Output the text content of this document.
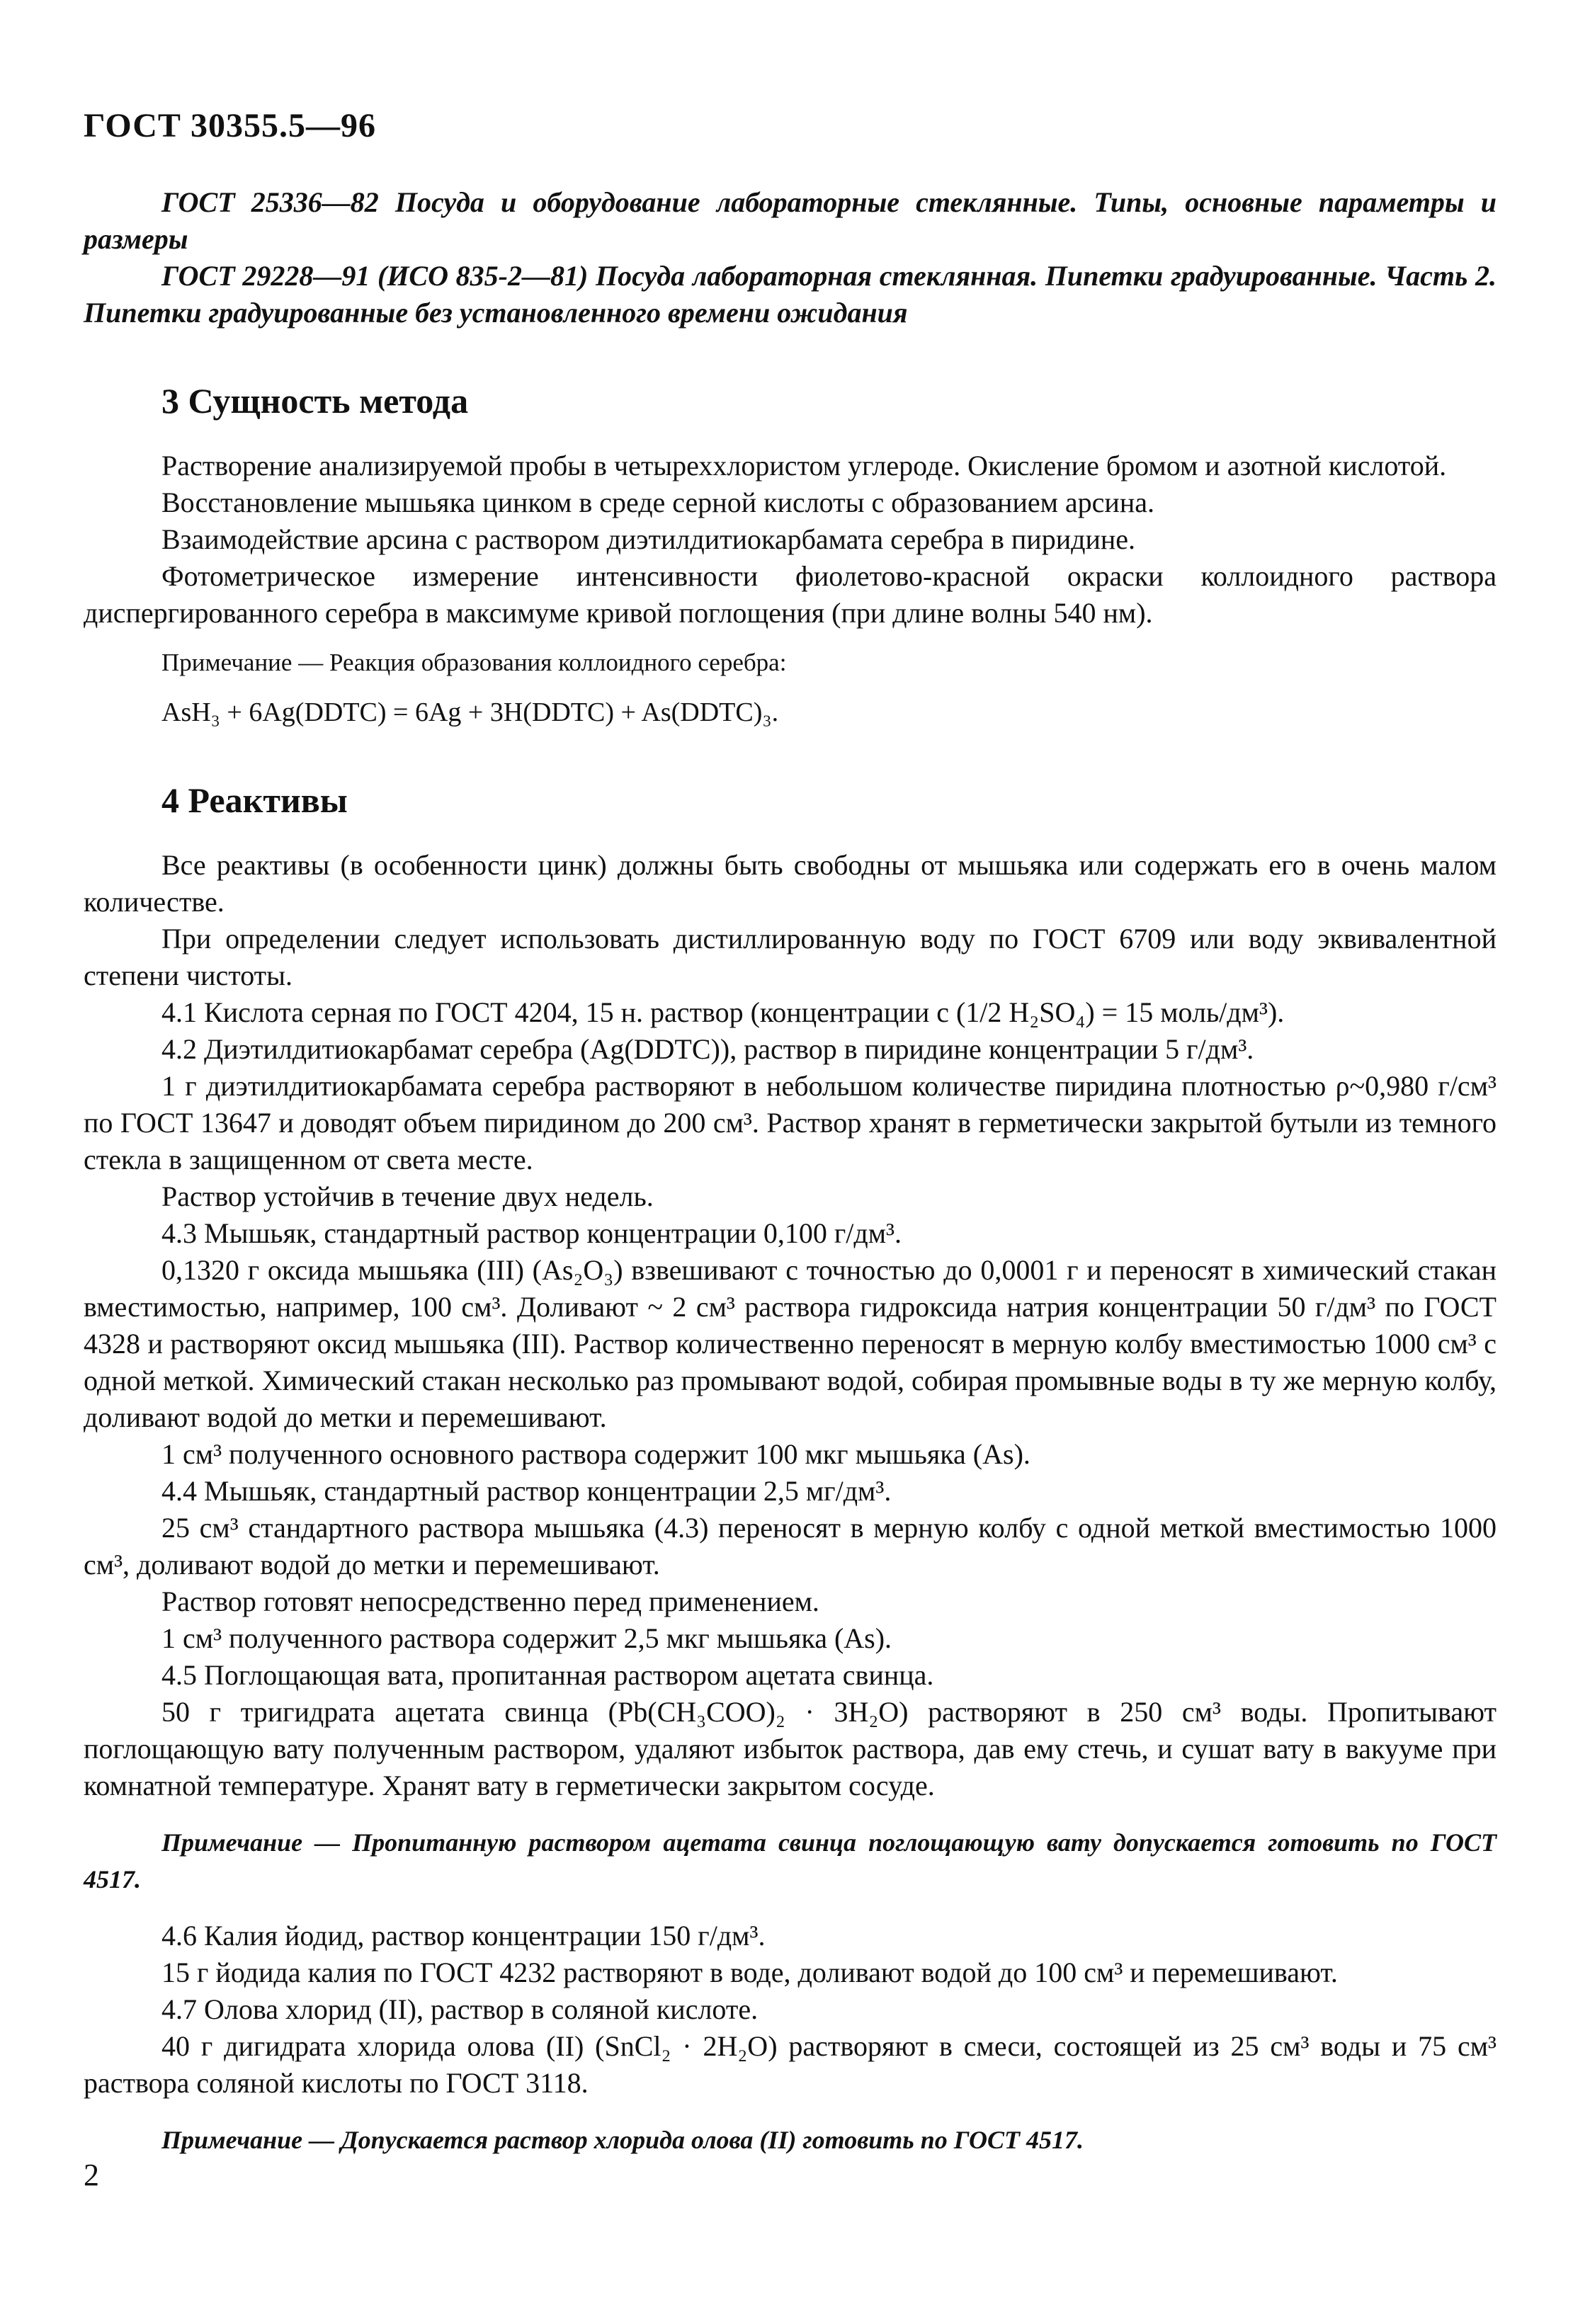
ГОСТ 30355.5—96

ГОСТ 25336—82 Посуда и оборудование лабораторные стеклянные. Типы, основные параметры и размеры

ГОСТ 29228—91 (ИСО 835-2—81) Посуда лабораторная стеклянная. Пипетки градуированные. Часть 2. Пипетки градуированные без установленного времени ожидания

3 Сущность метода

Растворение анализируемой пробы в четыреххлористом углероде. Окисление бромом и азотной кислотой.

Восстановление мышьяка цинком в среде серной кислоты с образованием арсина.

Взаимодействие арсина с раствором диэтилдитиокарбамата серебра в пиридине.

Фотометрическое измерение интенсивности фиолетово-красной окраски коллоидного раствора диспергированного серебра в максимуме кривой поглощения (при длине волны 540 нм).

Примечание — Реакция образования коллоидного серебра:

AsH₃ + 6Ag(DDTC) = 6Ag + 3H(DDTC) + As(DDTC)₃.

4 Реактивы

Все реактивы (в особенности цинк) должны быть свободны от мышьяка или содержать его в очень малом количестве.

При определении следует использовать дистиллированную воду по ГОСТ 6709 или воду эквивалентной степени чистоты.

4.1 Кислота серная по ГОСТ 4204, 15 н. раствор (концентрации с (1/2 H₂SO₄) = 15 моль/дм³).

4.2 Диэтилдитиокарбамат серебра (Ag(DDTC)), раствор в пиридине концентрации 5 г/дм³.

1 г диэтилдитиокарбамата серебра растворяют в небольшом количестве пиридина плотностью ρ~0,980 г/см³ по ГОСТ 13647 и доводят объем пиридином до 200 см³. Раствор хранят в герметически закрытой бутыли из темного стекла в защищенном от света месте.

Раствор устойчив в течение двух недель.

4.3 Мышьяк, стандартный раствор концентрации 0,100 г/дм³.

0,1320 г оксида мышьяка (III) (As₂O₃) взвешивают с точностью до 0,0001 г и переносят в химический стакан вместимостью, например, 100 см³. Доливают ~ 2 см³ раствора гидроксида натрия концентрации 50 г/дм³ по ГОСТ 4328 и растворяют оксид мышьяка (III). Раствор количественно переносят в мерную колбу вместимостью 1000 см³ с одной меткой. Химический стакан несколько раз промывают водой, собирая промывные воды в ту же мерную колбу, доливают водой до метки и перемешивают.

1 см³ полученного основного раствора содержит 100 мкг мышьяка (As).

4.4 Мышьяк, стандартный раствор концентрации 2,5 мг/дм³.

25 см³ стандартного раствора мышьяка (4.3) переносят в мерную колбу с одной меткой вместимостью 1000 см³, доливают водой до метки и перемешивают.

Раствор готовят непосредственно перед применением.

1 см³ полученного раствора содержит 2,5 мкг мышьяка (As).

4.5 Поглощающая вата, пропитанная раствором ацетата свинца.

50 г тригидрата ацетата свинца (Pb(CH₃COO)₂ · 3H₂O) растворяют в 250 см³ воды. Пропитывают поглощающую вату полученным раствором, удаляют избыток раствора, дав ему стечь, и сушат вату в вакууме при комнатной температуре. Хранят вату в герметически закрытом сосуде.

Примечание — Пропитанную раствором ацетата свинца поглощающую вату допускается готовить по ГОСТ 4517.

4.6 Калия йодид, раствор концентрации 150 г/дм³.

15 г йодида калия по ГОСТ 4232 растворяют в воде, доливают водой до 100 см³ и перемешивают.

4.7 Олова хлорид (II), раствор в соляной кислоте.

40 г дигидрата хлорида олова (II) (SnCl₂ · 2H₂O) растворяют в смеси, состоящей из 25 см³ воды и 75 см³ раствора соляной кислоты по ГОСТ 3118.

Примечание — Допускается раствор хлорида олова (II) готовить по ГОСТ 4517.

2
